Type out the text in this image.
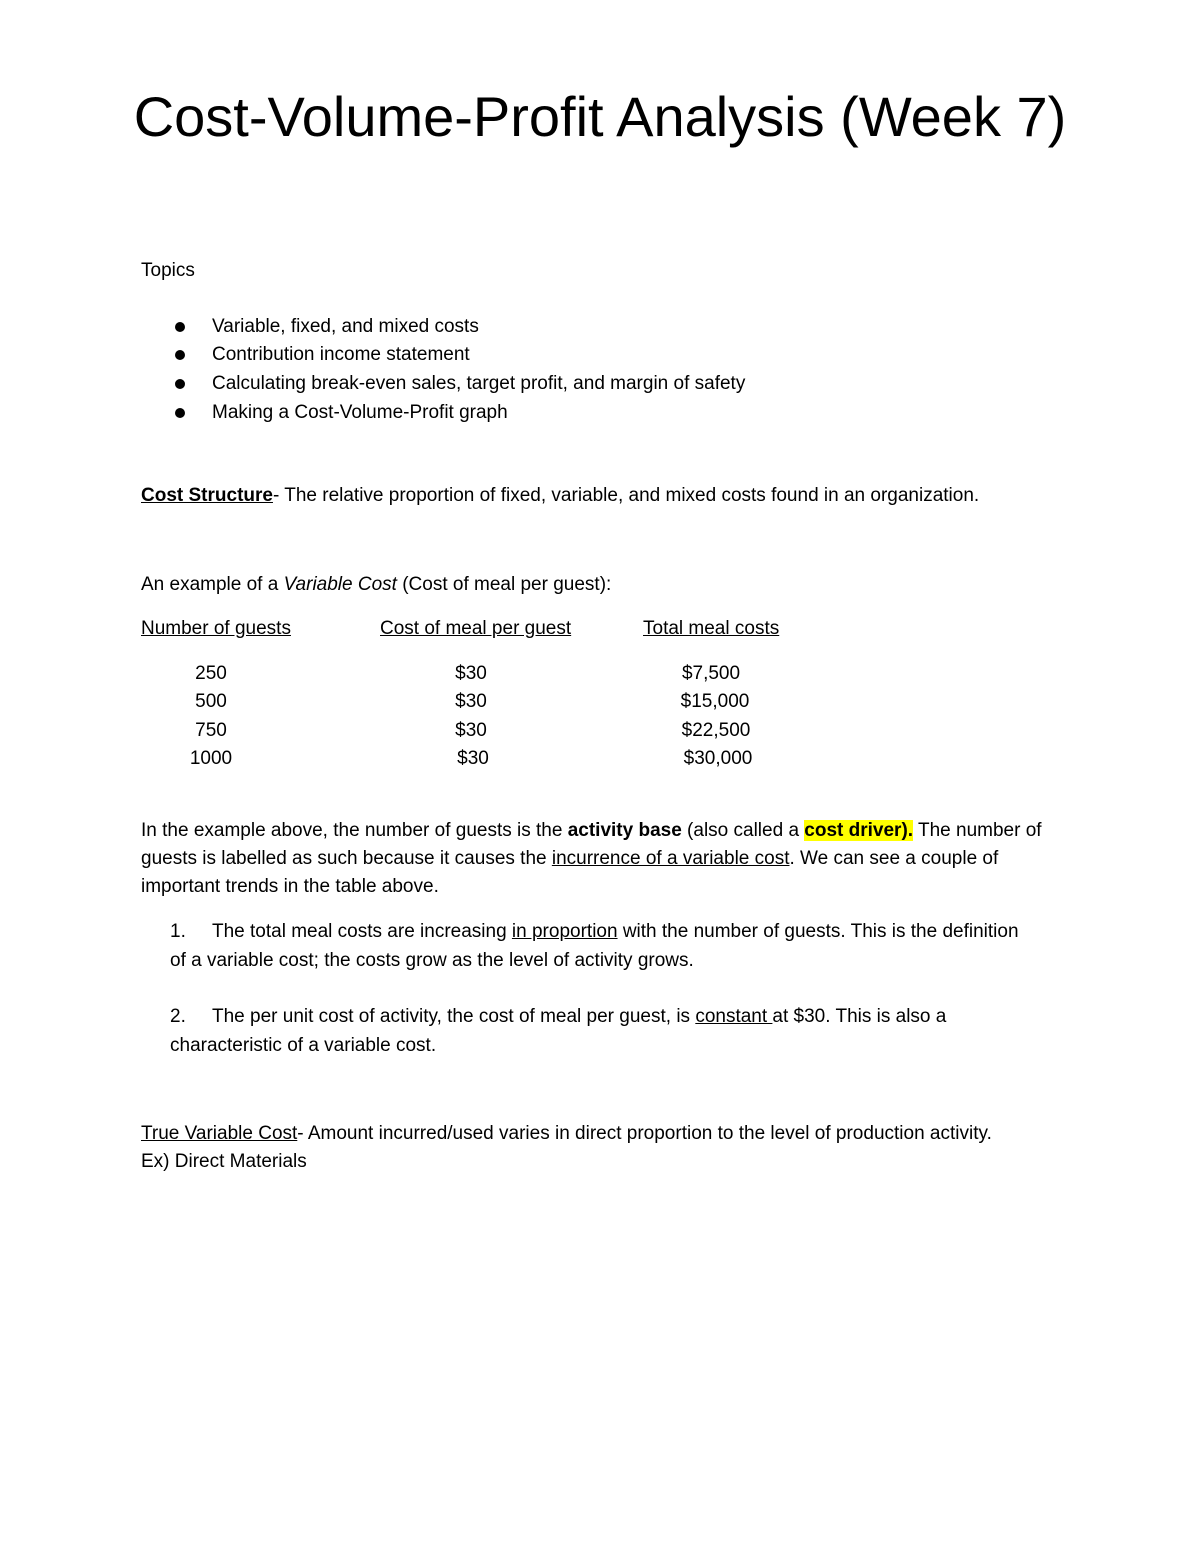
Cost-Volume-Profit Analysis (Week 7)
Topics
Variable, fixed, and mixed costs
Contribution income statement
Calculating break-even sales, target profit, and margin of safety
Making a Cost-Volume-Profit graph
Cost Structure- The relative proportion of fixed, variable, and mixed costs found in an organization.
An example of a Variable Cost (Cost of meal per guest):
Number of guests	Cost of meal per guest	Total meal costs
250	$30	$7,500
500	$30	$15,000
750	$30	$22,500
1000	$30	$30,000
In the example above, the number of guests is the activity base (also called a cost driver). The number of
guests is labelled as such because it causes the incurrence of a variable cost. We can see a couple of
important trends in the table above.
1. The total meal costs are increasing in proportion with the number of guests. This is the definition
of a variable cost; the costs grow as the level of activity grows.
2. The per unit cost of activity, the cost of meal per guest, is constant at $30. This is also a
characteristic of a variable cost.
True Variable Cost- Amount incurred/used varies in direct proportion to the level of production activity.
Ex) Direct Materials
